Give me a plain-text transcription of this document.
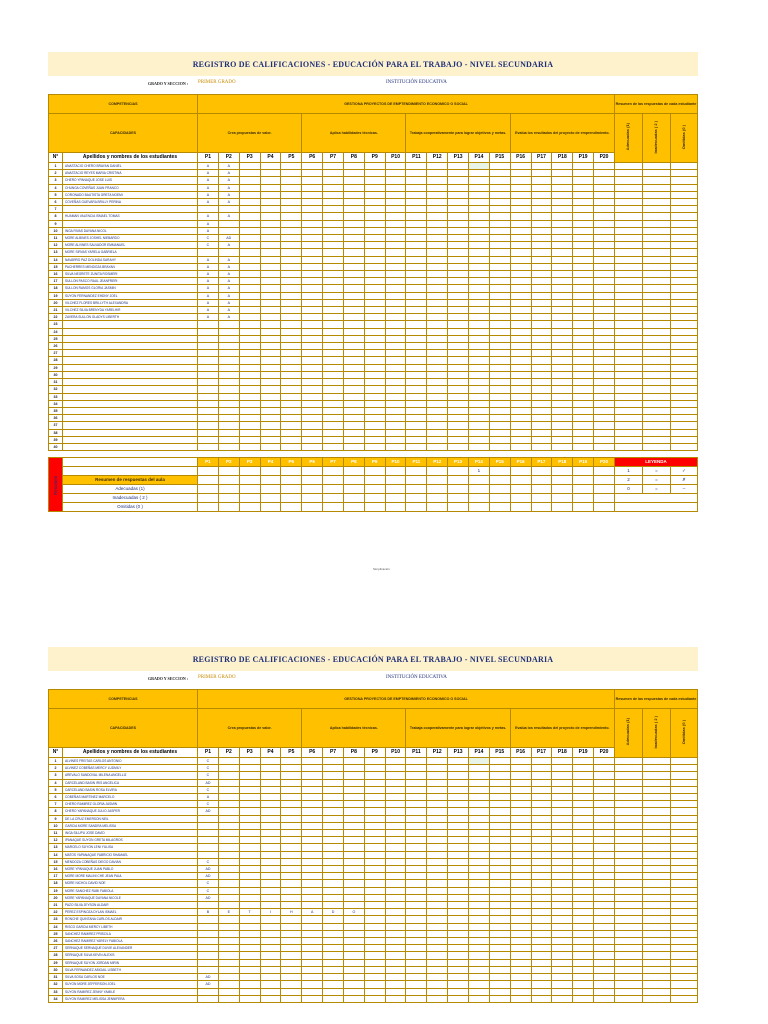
REGISTRO DE CALIFICACIONES - EDUCACIÓN PARA EL TRABAJO - NIVEL SECUNDARIA
GRADO Y SECCION : PRIMER GRADO	INSTITUCIÓN EDUCATIVA
COMPETENCIAS		GESTIONA PROYECTOS DE EMPTENDIMIENTO ECONOMICO O SOCIAL																				Resumen de las respuestas de cada estudiante		
CAPACIDADES		Crea propuestas de valor.					Aplica habilidades técnicas.					Trabaja cooperativamente para lograr objetivos y metas.					Evalúa los resultados del proyecto de emprendimiento.					Adecuadas (1)	Inadecuadas ( 2 )	Omitidas (0 )
N°	Apellidos y nombres de los estudiantes	P1	P2	P3	P4	P5	P6	P7	P8	P9	P10	P11	P12	P13	P14	P15	P16	P17	P18	P19	P20			
1	ANASTACIO CHERO BRAYAN DANIEL	A	A																					
2	ANASTACIO REYES MARIA CRISTINA	A	A																					
3	CHERO YPANAQUE JOSE LUIS	A	A																					
4	CHUNGA COVEÑAS JUAN FRANCO	A	A																					
5	CORONADO BAUTISTA GRETA NOEMI	A	A																					
6	COVEÑAS GUEVARA BRILLY PERINA	A	A																					
7																								
8	HUAMAN VALENCIA ISMAEL TOMAS	A	A																					
9		A																						
10	INGA RIVAS DAYANA NICOL	A																						
11	MORE ALBINES JOSHEL NIEBARDO	C	AD																					
12	MORE ALVINES SALVADOR EMMANUEL	C	A																					
13	MORE SIRVAS YARELA GABRIELA																							
14	NAVARRO PAZ DOLINDA SARAHY	A	A																					
15	PACHERRES MENDOZA BRAYAN	A	A																					
16	SILVA NEGRETE ZUNITA ROSMERI	A	A																					
17	SULLON PASCO RAUL JEANFRERI	A	A																					
18	SULLON RAMOS GLORIA JASMIN	A	A																					
19	SUYON FERNANDEZ EHDNY JOEL	A	A																					
20	VILCHEZ FLORES BRILLYTH ALEXANDRA	A	A																					
21	VILCHEZ SILVA BRENYDA YARELHIR	A	A																					
22	ZAVERA SULLON GLADYS LIBERTH	A	A																					
23																								
24																								
25																								
26																								
27																								
28																								
29																								
30																								
31																								
32																								
33																								
34																								
35																								
36																								
37																								
38																								
39																								
40																								
Resumen		P1	P2	P3	P4	P5	P6	P7	P8	P9	P10	P11	P12	P13	P14	P15	P16	P17	P18	P19	P20	LEYENDA		
															1							1	=	✓
	Resumen de respuestas del aula																					2	=	✗
	Adecuadas (1)																					0	=	–
	Inadecuadas ( 2 )																							
	Omitidas (0 )																							
Simplicación
REGISTRO DE CALIFICACIONES - EDUCACIÓN PARA EL TRABAJO - NIVEL SECUNDARIA
GRADO Y SECCION : PRIMER GRADO	INSTITUCIÓN EDUCATIVA
COMPETENCIAS		GESTIONA PROYECTOS DE EMPTENDIMIENTO ECONOMICO O SOCIAL																				Resumen de las respuestas de cada estudiante		
CAPACIDADES		Crea propuestas de valor.					Aplica habilidades técnicas.					Trabaja cooperativamente para lograr objetivos y metas.					Evalúa los resultados del proyecto de emprendimiento.					Adecuadas (1)	Inadecuadas ( 2 )	Omitidas (0 )
N°	Apellidos y nombres de los estudiantes	P1	P2	P3	P4	P5	P6	P7	P8	P9	P10	P11	P12	P13	P14	P15	P16	P17	P18	P19	P20			
1	ALVINES FREITAS CARLOS ANTONIO	C																						
2	ALVINEZ COBEÑAS MERCY LUDMILY	C																						
3	AREVALO SANDOVAL MILENA ANGELLIZ	C																						
4	CARCELAND BASIN IRIS ANGELICA	AD																						
5	CARCELAND BASIN ROSA ELVIRA	C																						
6	COBEÑAS MARTINEZ MARCELO	A																						
7	CHERO RAMIREZ GLORIA JASMIN	C																						
8	CHERO YAPANAQUE JULIO JASPER	AD																						
9	DE LA CRUZ EMERSON NEIL																							
10	GARCIA MORE SANDRA MELISSA																							
11	INGA SILUPU JOSE DAVID																							
12	IPANAQUE SUYON GRETA MILAGROS																							
13	MARCELO SUYON LENI YULISA																							
14	MATOS YAPANAQUE FABRICIO SHAMAEL																							
15	MENDOZA COBEÑAS DIEGO DAVIAN	C																						
16	MORE YPANAQUE JUAN PABLO	AD																						
17	MORE MORE MALINI CHE JEAN PAUL	AD																						
18	MORE NICHOL DAVID NOE	C																						
19	MORE SANCHEZ RUBI FABIOLA	C																						
20	MORE YAPANAQUE DAYANA NICOLE	AD																						
21	PAZO SILVA JEYSON ALDAIR																							
22	PEREZ ESPINOZA DYLAN ISMAEL	B	E	T	I	H	A	D	O															
23	RONCHE QUINTANA CARLOS ALDAIR																							
24	RISCO GARCIA MERCY LIBETH																							
25	SANCHEZ RAMIREZ PRISCILA																							
26	SANCHEZ RAMIREZ YARELY FABIOLA																							
27	SERNAQUE SERNAQUE DUVIE ALEXANDER																							
28	SERNAQUE SILVA KEVIN ALEXIS																							
29	SERNAQUE SUYON JORDAN MIRIN																							
30	SILVA FERNANDEZ ABIGAIL LISBETH																							
31	SILVA SOSA CARLOS NOE	AD																						
32	SUYON MORE JEFFERSON JOEL	AD																						
33	SUYON RAMIREZ JENNY YAMILE																							
34	SUYON RAMIREZ MELISSA JENNIFERA																							
